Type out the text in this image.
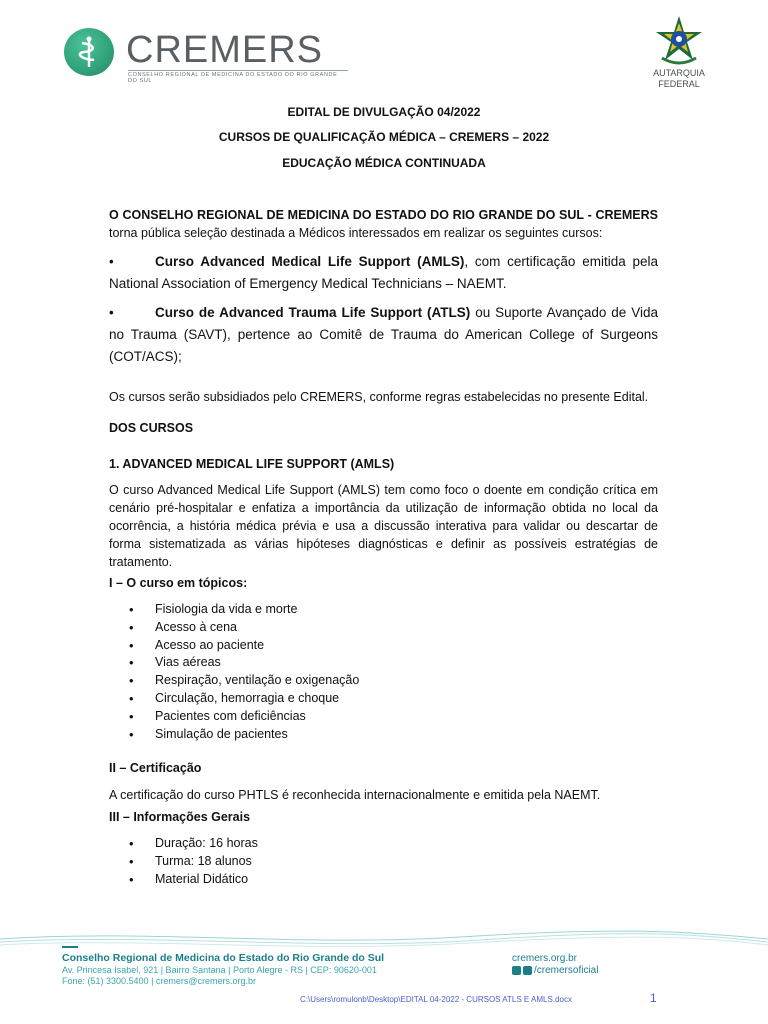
CREMERS
CONSELHO REGIONAL DE MEDICINA DO ESTADO DO RIO GRANDE DO SUL
AUTARQUIA
FEDERAL
EDITAL DE DIVULGAÇÃO 04/2022
CURSOS DE QUALIFICAÇÃO MÉDICA – CREMERS – 2022
EDUCAÇÃO MÉDICA CONTINUADA
O CONSELHO REGIONAL DE MEDICINA DO ESTADO DO RIO GRANDE DO SUL - CREMERS torna pública seleção destinada a Médicos interessados em realizar os seguintes cursos:
•	Curso Advanced Medical Life Support (AMLS), com certificação emitida pela National Association of Emergency Medical Technicians – NAEMT.
•	Curso de Advanced Trauma Life Support (ATLS) ou Suporte Avançado de Vida no Trauma (SAVT), pertence ao Comitê de Trauma do American College of Surgeons (COT/ACS);
Os cursos serão subsidiados pelo CREMERS, conforme regras estabelecidas no presente Edital.
DOS CURSOS
1. ADVANCED MEDICAL LIFE SUPPORT (AMLS)
O curso Advanced Medical Life Support (AMLS) tem como foco o doente em condição crítica em cenário pré-hospitalar e enfatiza a importância da utilização de informação obtida no local da ocorrência, a história médica prévia e usa a discussão interativa para validar ou descartar de forma sistematizada as várias hipóteses diagnósticas e definir as possíveis estratégias de tratamento.
I – O curso em tópicos:
• Fisiologia da vida e morte
• Acesso à cena
• Acesso ao paciente
• Vias aéreas
• Respiração, ventilação e oxigenação
• Circulação, hemorragia e choque
• Pacientes com deficiências
• Simulação de pacientes
II – Certificação
A certificação do curso PHTLS é reconhecida internacionalmente e emitida pela NAEMT.
III – Informações Gerais
• Duração: 16 horas
• Turma: 18 alunos
• Material Didático
Conselho Regional de Medicina do Estado do Rio Grande do Sul
Av. Princesa Isabel, 921 | Bairro Santana | Porto Alegre - RS | CEP: 90620-001
Fone: (51) 3300.5400 | cremers@cremers.org.br
cremers.org.br
/cremersoficial
C:\Users\romulonb\Desktop\EDITAL 04-2022 - CURSOS ATLS E AMLS.docx	1
